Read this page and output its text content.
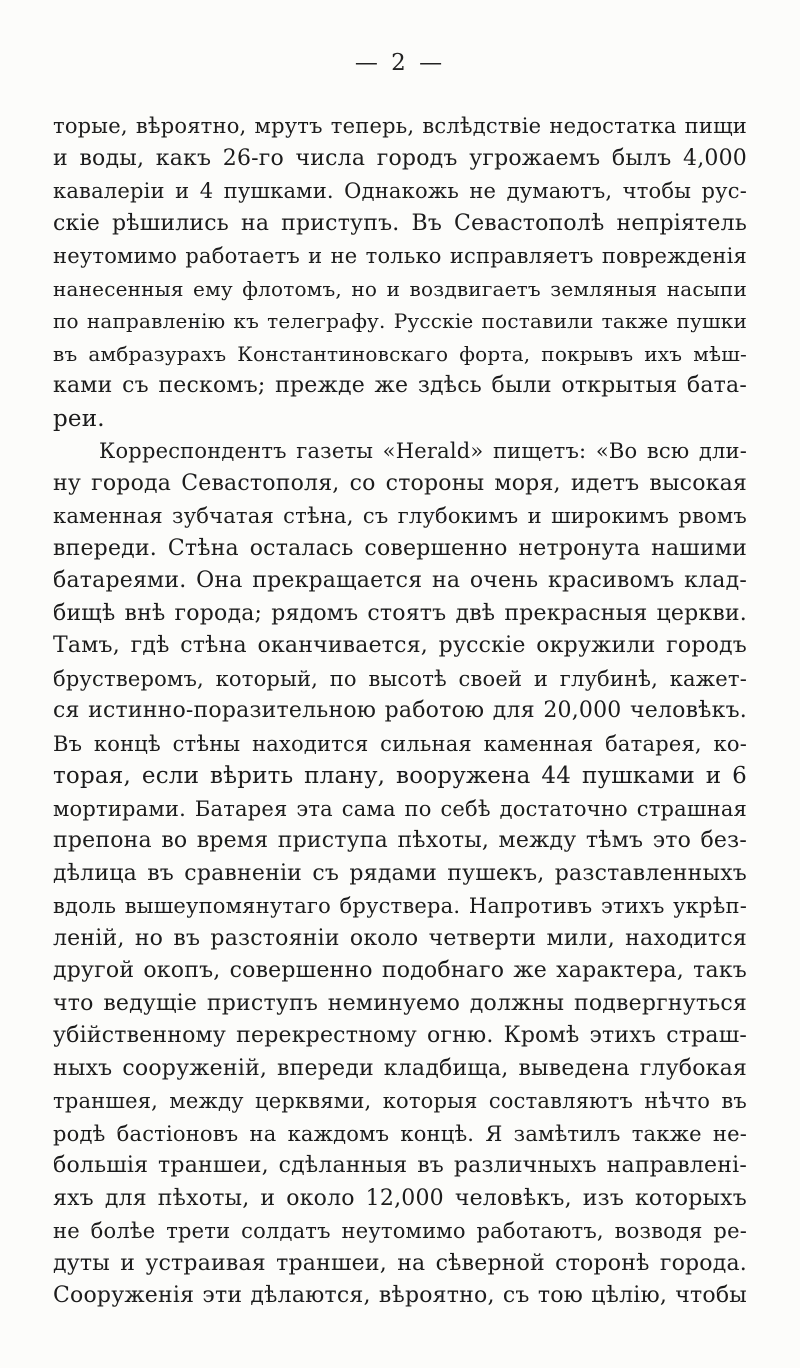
— 2 —
торые, вѣроятно, мрутъ теперь, вслѣдствіе недостатка пищи
и воды, какъ 26-го числа городъ угрожаемъ былъ 4,000
кавалеріи и 4 пушками. Однакожь не думаютъ, чтобы рус-
скіе рѣшились на приступъ. Въ Севастополѣ непріятель
неутомимо работаетъ и не только исправляетъ поврежденія
нанесенныя ему флотомъ, но и воздвигаетъ земляныя насыпи
по направленію къ телеграфу. Русскіе поставили также пушки
въ амбразурахъ Константиновскаго форта, покрывъ ихъ мѣш-
ками съ пескомъ; прежде же здѣсь были открытыя бата-
реи.
Корреспондентъ газеты «Herald» пищетъ: «Во всю дли-
ну города Севастополя, со стороны моря, идетъ высокая
каменная зубчатая стѣна, съ глубокимъ и широкимъ рвомъ
впереди. Стѣна осталась совершенно нетронута нашими
батареями. Она прекращается на очень красивомъ клад-
бищѣ внѣ города; рядомъ стоятъ двѣ прекрасныя церкви.
Тамъ, гдѣ стѣна оканчивается, русскіе окружили городъ
брустверомъ, который, по высотѣ своей и глубинѣ, кажет-
ся истинно-поразительною работою для 20,000 человѣкъ.
Въ концѣ стѣны находится сильная каменная батарея, ко-
торая, если вѣрить плану, вооружена 44 пушками и 6
мортирами. Батарея эта сама по себѣ достаточно страшная
препона во время приступа пѣхоты, между тѣмъ это без-
дѣлица въ сравненіи съ рядами пушекъ, разставленныхъ
вдоль вышеупомянутаго бруствера. Напротивъ этихъ укрѣп-
леній, но въ разстояніи около четверти мили, находится
другой окопъ, совершенно подобнаго же характера, такъ
что ведущіе приступъ неминуемо должны подвергнуться
убійственному перекрестному огню. Кромѣ этихъ страш-
ныхъ сооруженій, впереди кладбища, выведена глубокая
траншея, между церквями, которыя составляютъ нѣчто въ
родѣ бастіоновъ на каждомъ концѣ. Я замѣтилъ также не-
большія траншеи, сдѣланныя въ различныхъ направлені-
яхъ для пѣхоты, и около 12,000 человѣкъ, изъ которыхъ
не болѣе трети солдатъ неутомимо работаютъ, возводя ре-
дуты и устраивая траншеи, на сѣверной сторонѣ города.
Сооруженія эти дѣлаются, вѣроятно, съ тою цѣлію, чтобы
